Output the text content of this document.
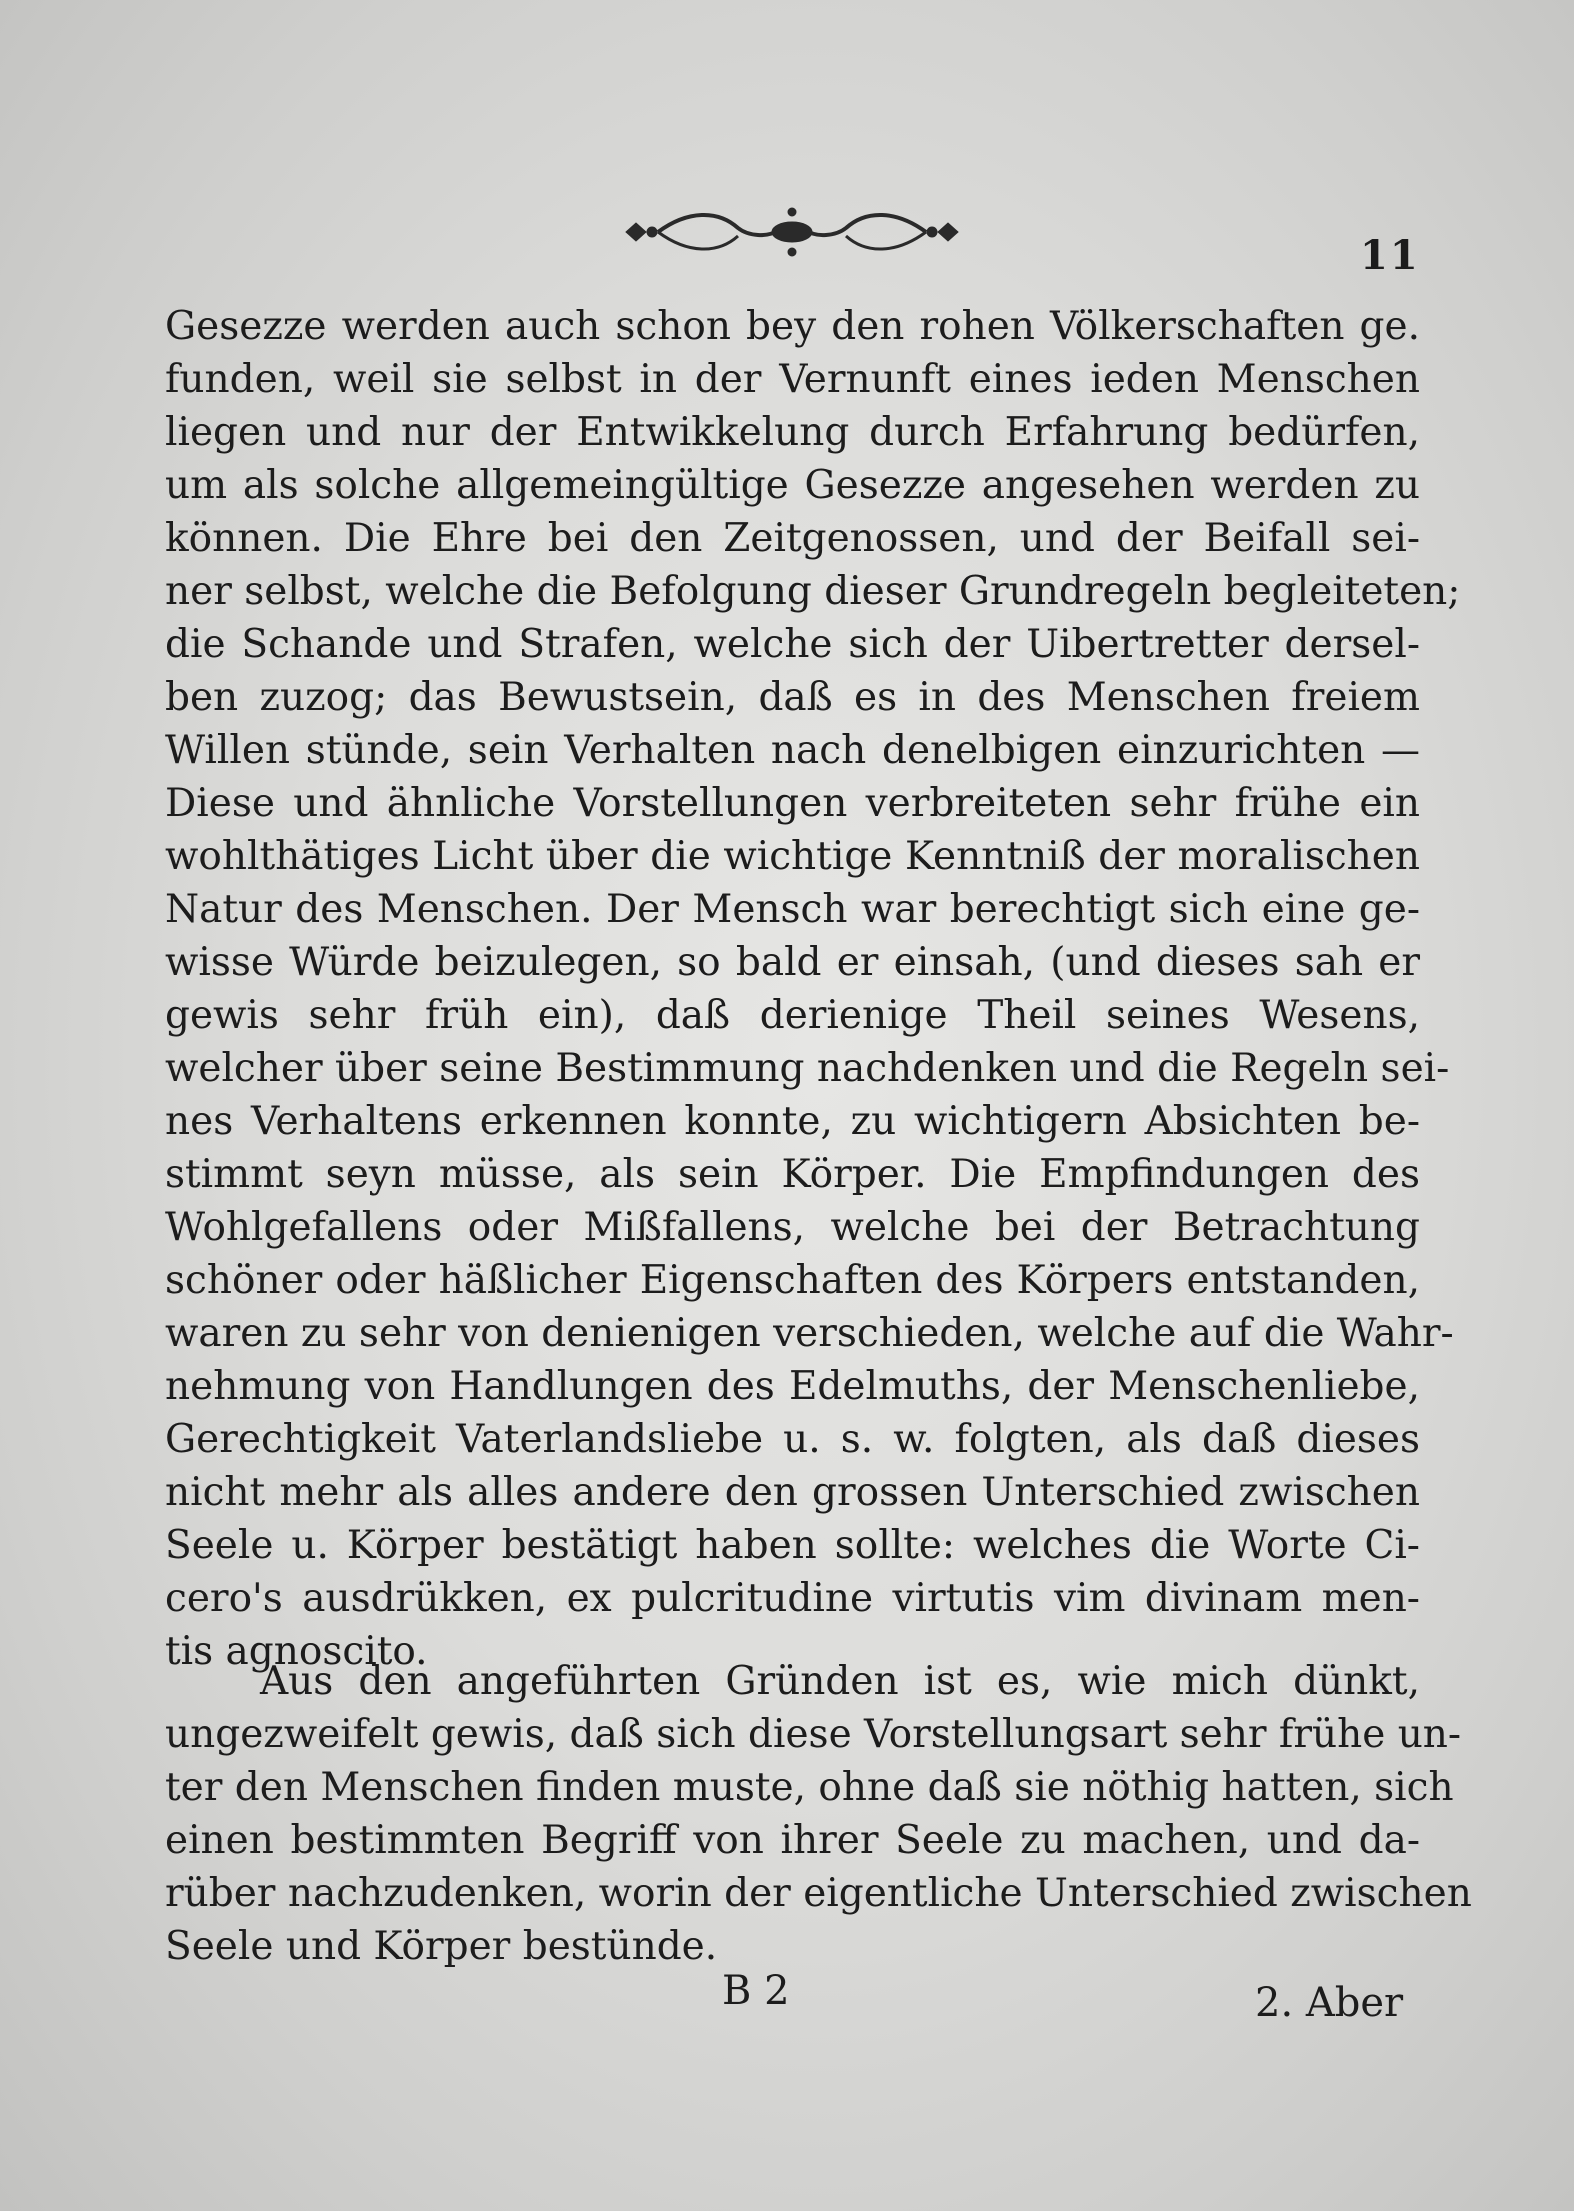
11
Gesezze werden auch schon bey den rohen Völkerschaften ge.
funden, weil sie selbst in der Vernunft eines ieden Menschen
liegen und nur der Entwikkelung durch Erfahrung bedürfen,
um als solche allgemeingültige Gesezze angesehen werden zu
können. Die Ehre bei den Zeitgenossen, und der Beifall sei-
ner selbst, welche die Befolgung dieser Grundregeln begleiteten;
die Schande und Strafen, welche sich der Uibertretter dersel-
ben zuzog; das Bewustsein, daß es in des Menschen freiem
Willen stünde, sein Verhalten nach denelbigen einzurichten —
Diese und ähnliche Vorstellungen verbreiteten sehr frühe ein
wohlthätiges Licht über die wichtige Kenntniß der moralischen
Natur des Menschen. Der Mensch war berechtigt sich eine ge-
wisse Würde beizulegen, so bald er einsah, (und dieses sah er
gewis sehr früh ein), daß derienige Theil seines Wesens,
welcher über seine Bestimmung nachdenken und die Regeln sei-
nes Verhaltens erkennen konnte, zu wichtigern Absichten be-
stimmt seyn müsse, als sein Körper. Die Empfindungen des
Wohlgefallens oder Mißfallens, welche bei der Betrachtung
schöner oder häßlicher Eigenschaften des Körpers entstanden,
waren zu sehr von denienigen verschieden, welche auf die Wahr-
nehmung von Handlungen des Edelmuths, der Menschenliebe,
Gerechtigkeit Vaterlandsliebe u. s. w. folgten, als daß dieses
nicht mehr als alles andere den grossen Unterschied zwischen
Seele u. Körper bestätigt haben sollte: welches die Worte Ci-
cero's ausdrükken, ex pulcritudine virtutis vim divinam men-
tis agnoscito.
Aus den angeführten Gründen ist es, wie mich dünkt,
ungezweifelt gewis, daß sich diese Vorstellungsart sehr frühe un-
ter den Menschen finden muste, ohne daß sie nöthig hatten, sich
einen bestimmten Begriff von ihrer Seele zu machen, und da-
rüber nachzudenken, worin der eigentliche Unterschied zwischen
Seele und Körper bestünde.
B 2	2. Aber
